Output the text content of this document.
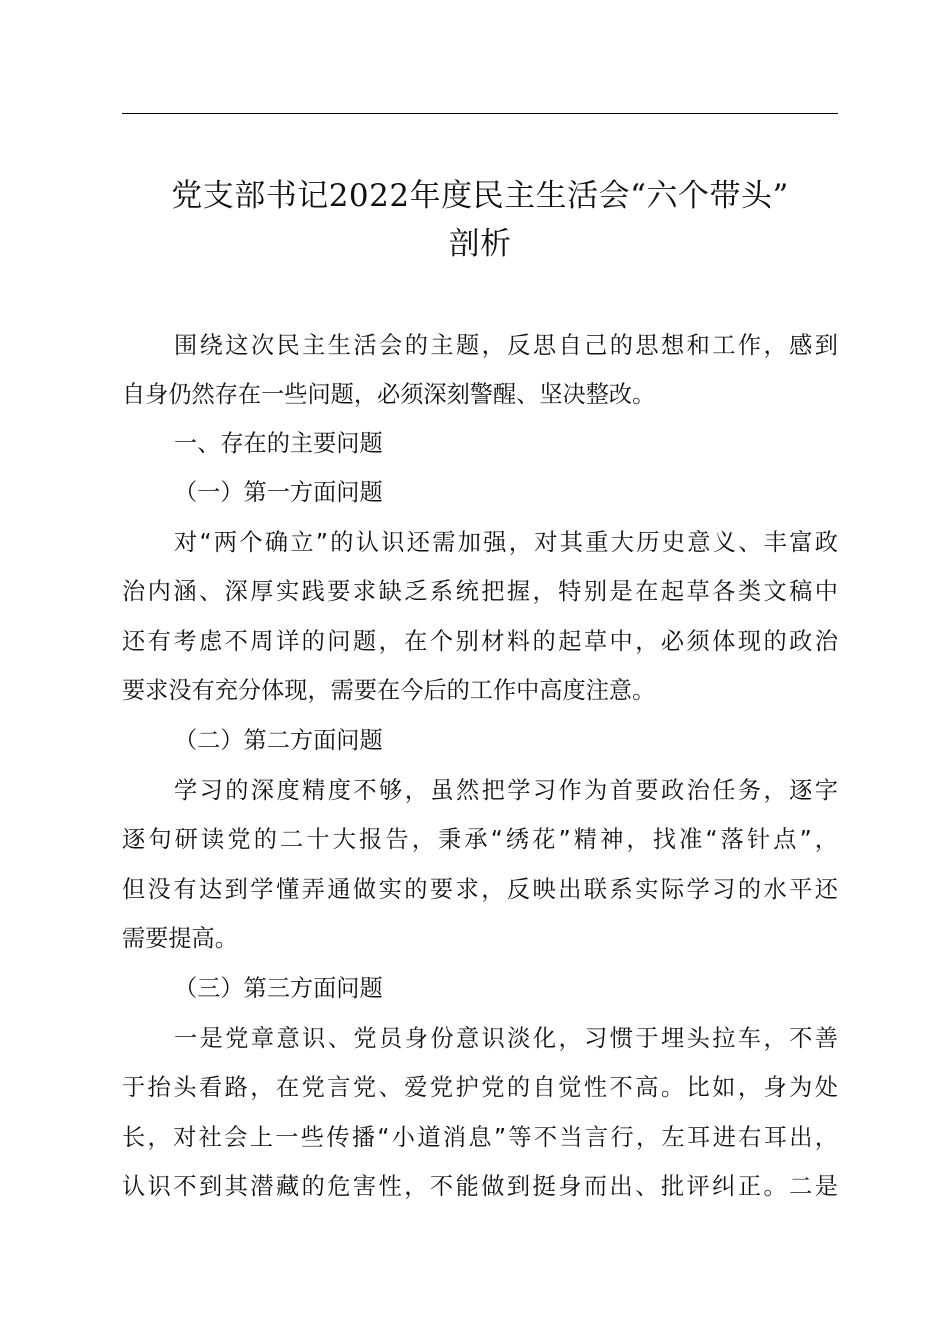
党支部书记2022年度民主生活会“六个带头”
剖析
围绕这次民主生活会的主题，反思自己的思想和工作，感到
自身仍然存在一些问题，必须深刻警醒、坚决整改。
一、存在的主要问题
（一）第一方面问题
对“两个确立”的认识还需加强，对其重大历史意义、丰富政
治内涵、深厚实践要求缺乏系统把握，特别是在起草各类文稿中
还有考虑不周详的问题，在个别材料的起草中，必须体现的政治
要求没有充分体现，需要在今后的工作中高度注意。
（二）第二方面问题
学习的深度精度不够，虽然把学习作为首要政治任务，逐字
逐句研读党的二十大报告，秉承“绣花”精神，找准“落针点”，
但没有达到学懂弄通做实的要求，反映出联系实际学习的水平还
需要提高。
（三）第三方面问题
一是党章意识、党员身份意识淡化，习惯于埋头拉车，不善
于抬头看路，在党言党、爱党护党的自觉性不高。比如，身为处
长，对社会上一些传播“小道消息”等不当言行，左耳进右耳出，
认识不到其潜藏的危害性，不能做到挺身而出、批评纠正。二是
